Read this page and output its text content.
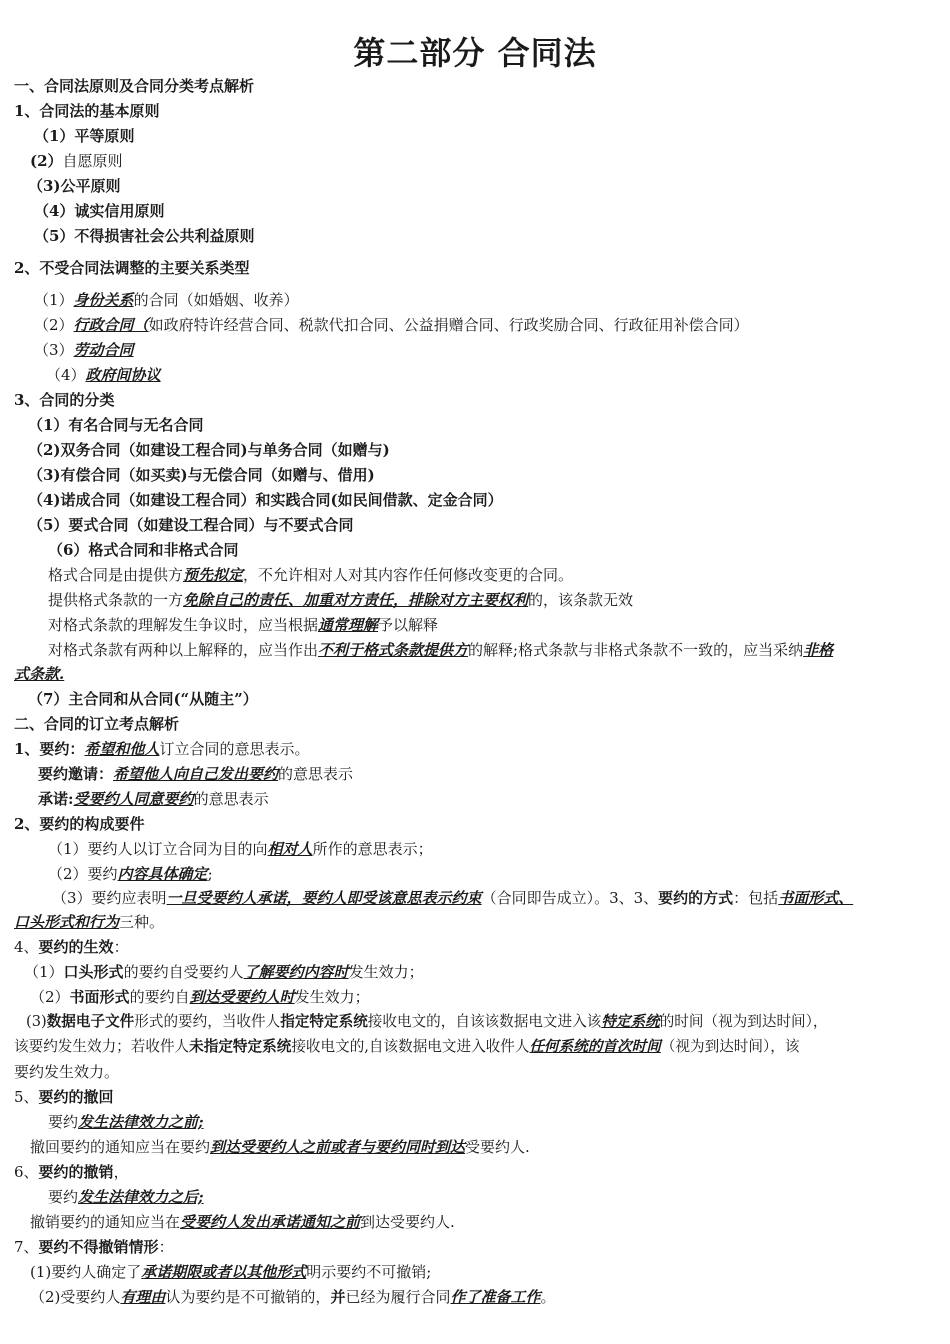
第二部分 合同法
一、合同法原则及合同分类考点解析
1、合同法的基本原则
（1）平等原则
(2）自愿原则
（3)公平原则
（4）诚实信用原则
（5）不得损害社会公共利益原则
2、不受合同法调整的主要关系类型
（1）身份关系的合同（如婚姻、收养）
（2）行政合同（如政府特许经营合同、税款代扣合同、公益捐赠合同、行政奖励合同、行政征用补偿合同）
（3）劳动合同
（4）政府间协议
3、合同的分类
（1）有名合同与无名合同
（2)双务合同（如建设工程合同)与单务合同（如赠与)
（3)有偿合同（如买卖)与无偿合同（如赠与、借用)
（4)诺成合同（如建设工程合同）和实践合同(如民间借款、定金合同）
（5）要式合同（如建设工程合同）与不要式合同
（6）格式合同和非格式合同
格式合同是由提供方预先拟定，不允许相对人对其内容作任何修改变更的合同。
提供格式条款的一方免除自己的责任、加重对方责任，排除对方主要权利的，该条款无效
对格式条款的理解发生争议时，应当根据通常理解予以解释
对格式条款有两种以上解释的，应当作出不利于格式条款提供方的解释;格式条款与非格式条款不一致的，应当采纳非格
式条款.
（7）主合同和从合同(“从随主”）
二、合同的订立考点解析
1、要约：希望和他人订立合同的意思表示。
要约邀请：希望他人向自己发出要约的意思表示
承诺:受要约人同意要约的意思表示
2、要约的构成要件
（1）要约人以订立合同为目的向相对人所作的意思表示；
（2）要约内容具体确定;
（3）要约应表明一旦受要约人承诺，要约人即受该意思表示约束（合同即告成立）。3、3、要约的方式：包括书面形式、
口头形式和行为三种。
4、要约的生效：
（1）口头形式的要约自受要约人了解要约内容时发生效力；
（2）书面形式的要约自到达受要约人时发生效力；
(3)数据电子文件形式的要约，当收件人指定特定系统接收电文的，自该该数据电文进入该特定系统的时间（视为到达时间），
该要约发生效力；若收件人未指定特定系统接收电文的,自该数据电文进入收件人任何系统的首次时间（视为到达时间），该
要约发生效力。
5、要约的撤回
要约发生法律效力之前;
撤回要约的通知应当在要约到达受要约人之前或者与要约同时到达受要约人.
6、要约的撤销，
要约发生法律效力之后;
撤销要约的通知应当在受要约人发出承诺通知之前到达受要约人.
7、要约不得撤销情形：
(1)要约人确定了承诺期限或者以其他形式明示要约不可撤销;
（2)受要约人有理由认为要约是不可撤销的，并已经为履行合同作了准备工作。
